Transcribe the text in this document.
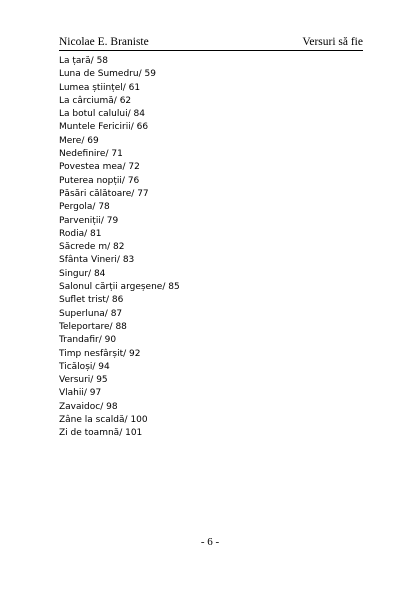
Nicolae E. Braniste	Versuri să fie
La țară/ 58
Luna de Sumedru/ 59
Lumea științel/ 61
La cârciumă/ 62
La botul calului/ 84
Muntele Fericirii/ 66
Mere/ 69
Nedefinire/ 71
Povestea mea/ 72
Puterea nopții/ 76
Păsări călătoare/ 77
Pergola/ 78
Parveniții/ 79
Rodia/ 81
Săcrede m/ 82
Sfânta Vineri/ 83
Singur/ 84
Salonul cărții argeșene/ 85
Suflet trist/ 86
Superluna/ 87
Teleportare/ 88
Trandafir/ 90
Timp nesfârșit/ 92
Ticăloși/ 94
Versuri/ 95
Vlahii/ 97
Zavaidoc/ 98
Zâne la scaldă/ 100
Zi de toamnă/ 101
- 6 -
